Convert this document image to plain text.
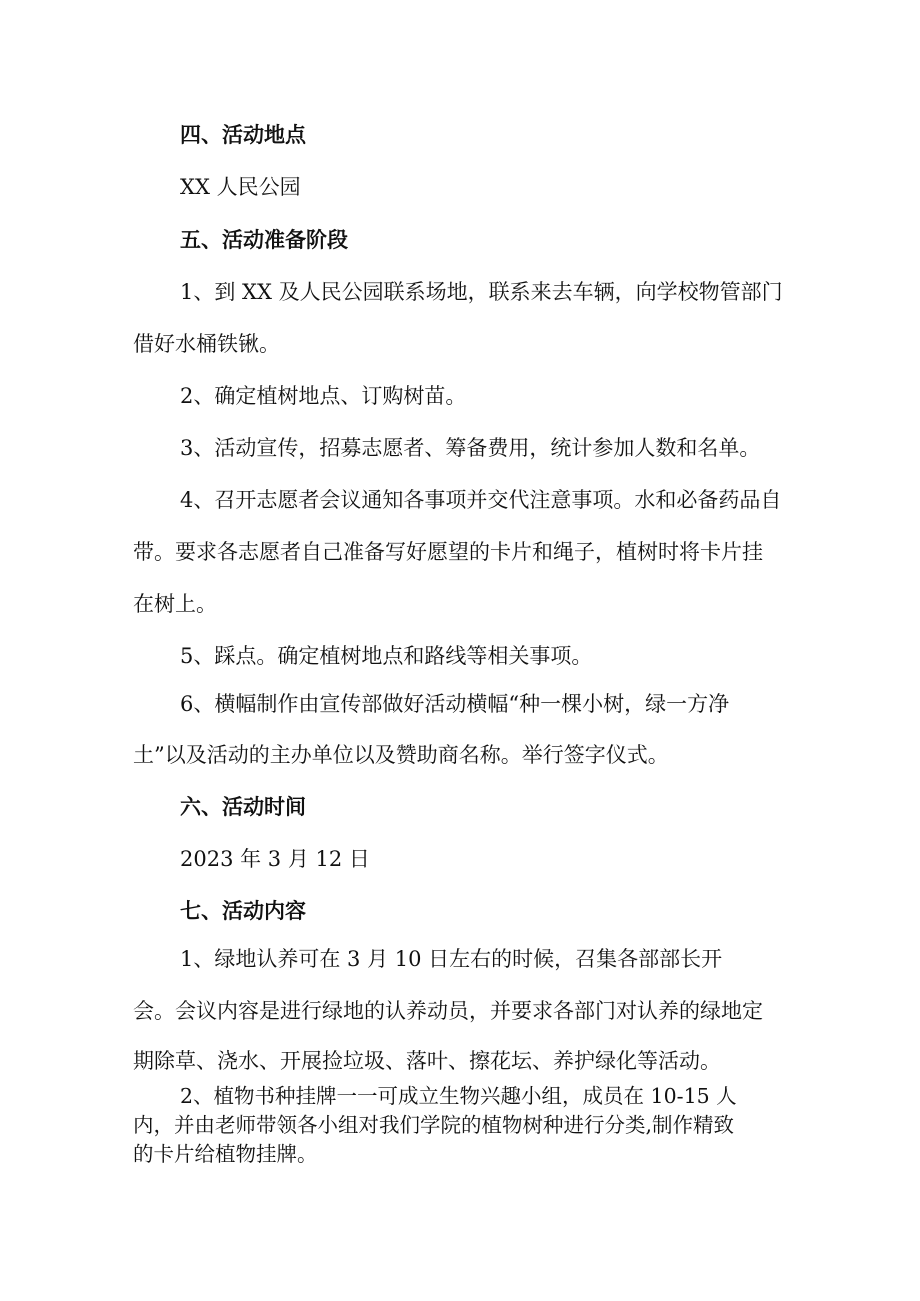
四、活动地点
XX 人民公园
五、活动准备阶段
1、到 XX 及人民公园联系场地，联系来去车辆，向学校物管部门
借好水桶铁锹。
2、确定植树地点、订购树苗。
3、活动宣传，招募志愿者、筹备费用，统计参加人数和名单。
4、召开志愿者会议通知各事项并交代注意事项。水和必备药品自
带。要求各志愿者自己准备写好愿望的卡片和绳子，植树时将卡片挂
在树上。
5、踩点。确定植树地点和路线等相关事项。
6、横幅制作由宣传部做好活动横幅“种一棵小树，绿一方净
土”以及活动的主办单位以及赞助商名称。举行签字仪式。
六、活动时间
2023 年 3 月 12 日
七、活动内容
1、绿地认养可在 3 月 10 日左右的时候，召集各部部长开
会。会议内容是进行绿地的认养动员，并要求各部门对认养的绿地定
期除草、浇水、开展捡垃圾、落叶、擦花坛、养护绿化等活动。
2、植物书种挂牌一一可成立生物兴趣小组，成员在 10-15 人
内，并由老师带领各小组对我们学院的植物树种进行分类,制作精致
的卡片给植物挂牌。
